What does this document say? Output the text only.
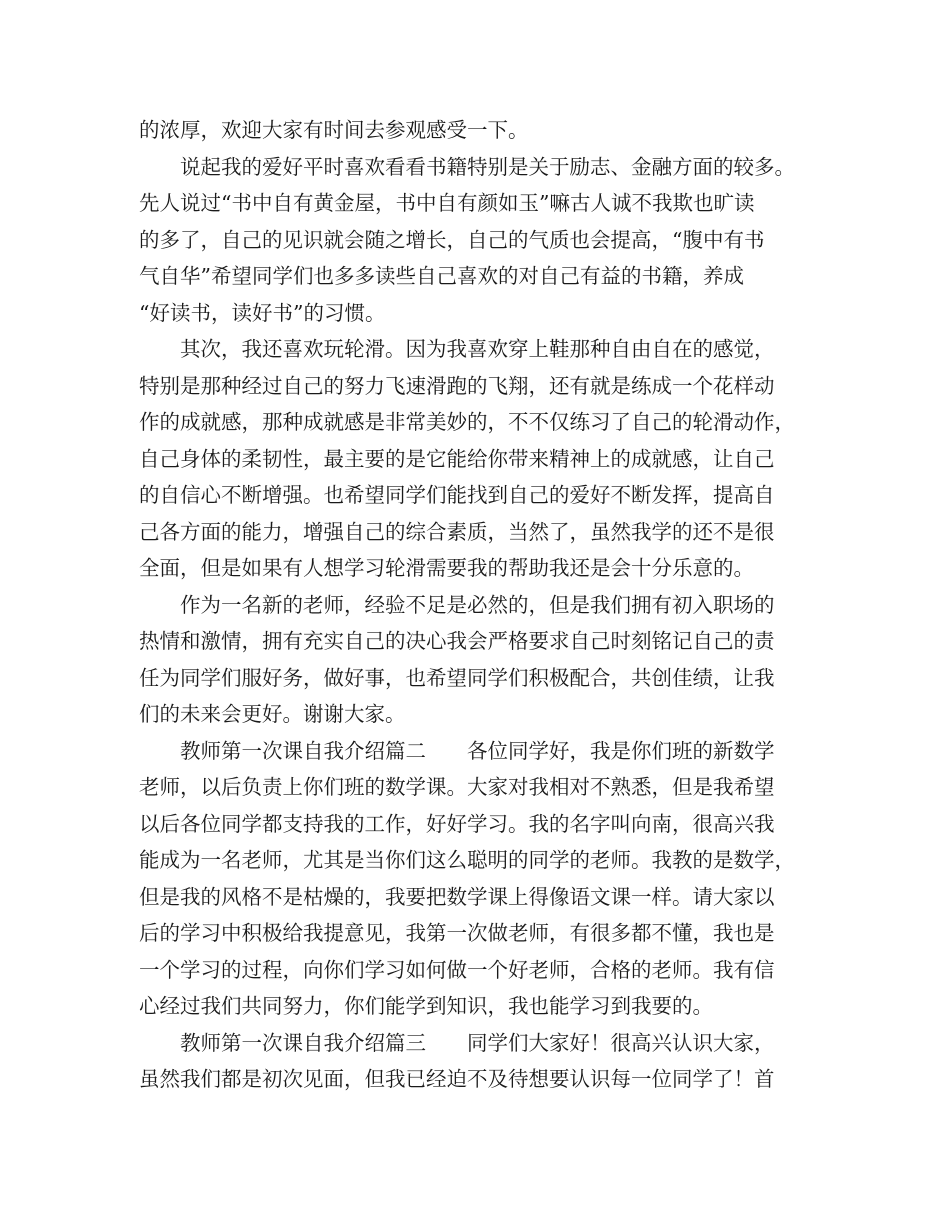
的浓厚，欢迎大家有时间去参观感受一下。
　　说起我的爱好平时喜欢看看书籍特别是关于励志、金融方面的较多。
先人说过“书中自有黄金屋，书中自有颜如玉”嘛古人诚不我欺也旷读
的多了，自己的见识就会随之增长，自己的气质也会提高，“腹中有书
气自华”希望同学们也多多读些自己喜欢的对自己有益的书籍，养成
“好读书，读好书”的习惯。
　　其次，我还喜欢玩轮滑。因为我喜欢穿上鞋那种自由自在的感觉，
特别是那种经过自己的努力飞速滑跑的飞翔，还有就是练成一个花样动
作的成就感，那种成就感是非常美妙的，不不仅练习了自己的轮滑动作，
自己身体的柔韧性，最主要的是它能给你带来精神上的成就感，让自己
的自信心不断增强。也希望同学们能找到自己的爱好不断发挥，提高自
己各方面的能力，增强自己的综合素质，当然了，虽然我学的还不是很
全面，但是如果有人想学习轮滑需要我的帮助我还是会十分乐意的。
　　作为一名新的老师，经验不足是必然的，但是我们拥有初入职场的
热情和激情，拥有充实自己的决心我会严格要求自己时刻铭记自己的责
任为同学们服好务，做好事，也希望同学们积极配合，共创佳绩，让我
们的未来会更好。谢谢大家。
　　教师第一次课自我介绍篇二　　各位同学好，我是你们班的新数学
老师，以后负责上你们班的数学课。大家对我相对不熟悉，但是我希望
以后各位同学都支持我的工作，好好学习。我的名字叫向南，很高兴我
能成为一名老师，尤其是当你们这么聪明的同学的老师。我教的是数学，
但是我的风格不是枯燥的，我要把数学课上得像语文课一样。请大家以
后的学习中积极给我提意见，我第一次做老师，有很多都不懂，我也是
一个学习的过程，向你们学习如何做一个好老师，合格的老师。我有信
心经过我们共同努力，你们能学到知识，我也能学习到我要的。
　　教师第一次课自我介绍篇三　　同学们大家好！很高兴认识大家，
虽然我们都是初次见面，但我已经迫不及待想要认识每一位同学了！首
